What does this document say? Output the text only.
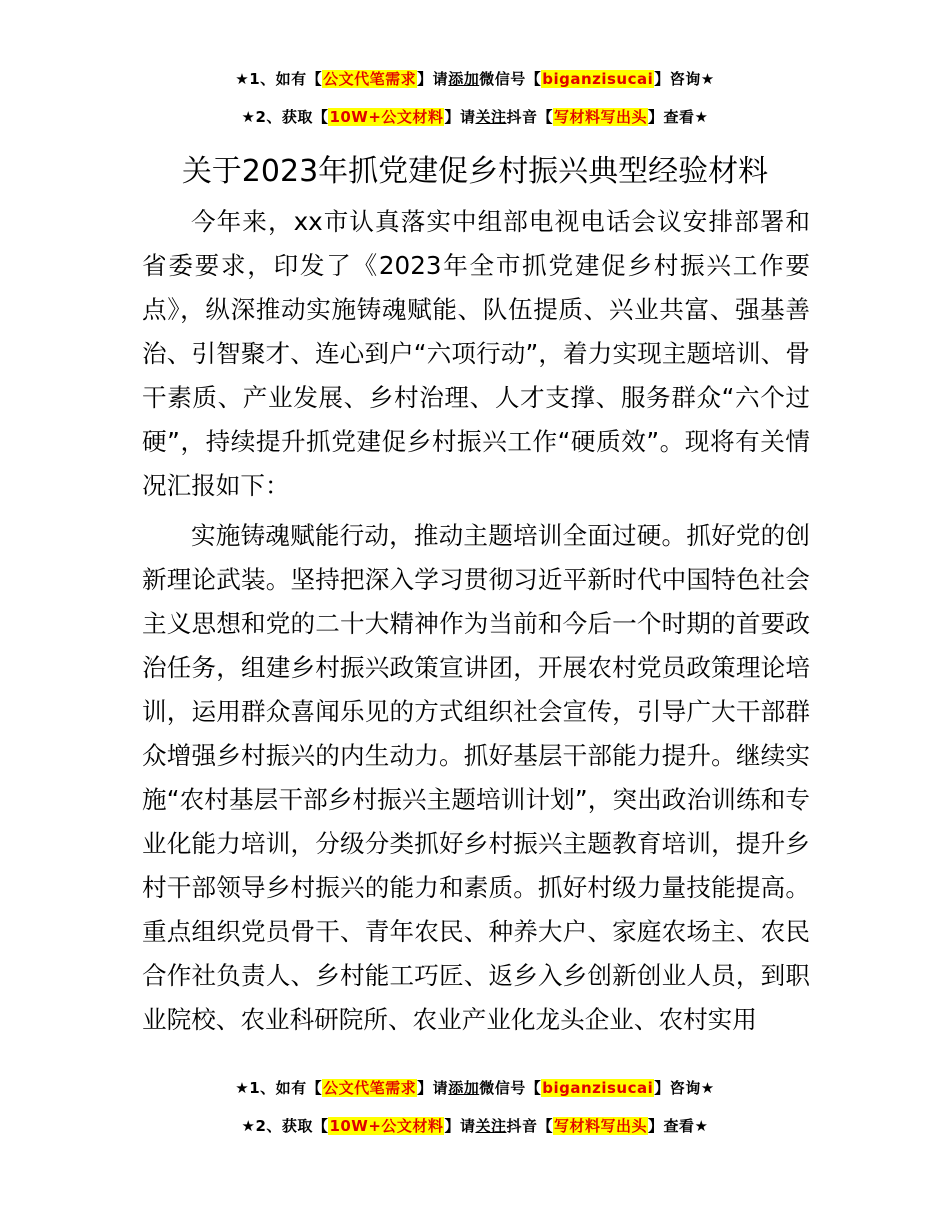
★1、如有【公文代笔需求】请添加微信号【biganzisucai】咨询★
★2、获取【10W+公文材料】请关注抖音【写材料写出头】查看★
关于2023年抓党建促乡村振兴典型经验材料

今年来，xx市认真落实中组部电视电话会议安排部署和省委要求，印发了《2023年全市抓党建促乡村振兴工作要点》，纵深推动实施铸魂赋能、队伍提质、兴业共富、强基善治、引智聚才、连心到户“六项行动”，着力实现主题培训、骨干素质、产业发展、乡村治理、人才支撑、服务群众“六个过硬”，持续提升抓党建促乡村振兴工作“硬质效”。现将有关情况汇报如下：

实施铸魂赋能行动，推动主题培训全面过硬。抓好党的创新理论武装。坚持把深入学习贯彻习近平新时代中国特色社会主义思想和党的二十大精神作为当前和今后一个时期的首要政治任务，组建乡村振兴政策宣讲团，开展农村党员政策理论培训，运用群众喜闻乐见的方式组织社会宣传，引导广大干部群众增强乡村振兴的内生动力。抓好基层干部能力提升。继续实施“农村基层干部乡村振兴主题培训计划”，突出政治训练和专业化能力培训，分级分类抓好乡村振兴主题教育培训，提升乡村干部领导乡村振兴的能力和素质。抓好村级力量技能提高。重点组织党员骨干、青年农民、种养大户、家庭农场主、农民合作社负责人、乡村能工巧匠、返乡入乡创新创业人员，到职业院校、农业科研院所、农业产业化龙头企业、农村实用

★1、如有【公文代笔需求】请添加微信号【biganzisucai】咨询★
★2、获取【10W+公文材料】请关注抖音【写材料写出头】查看★
